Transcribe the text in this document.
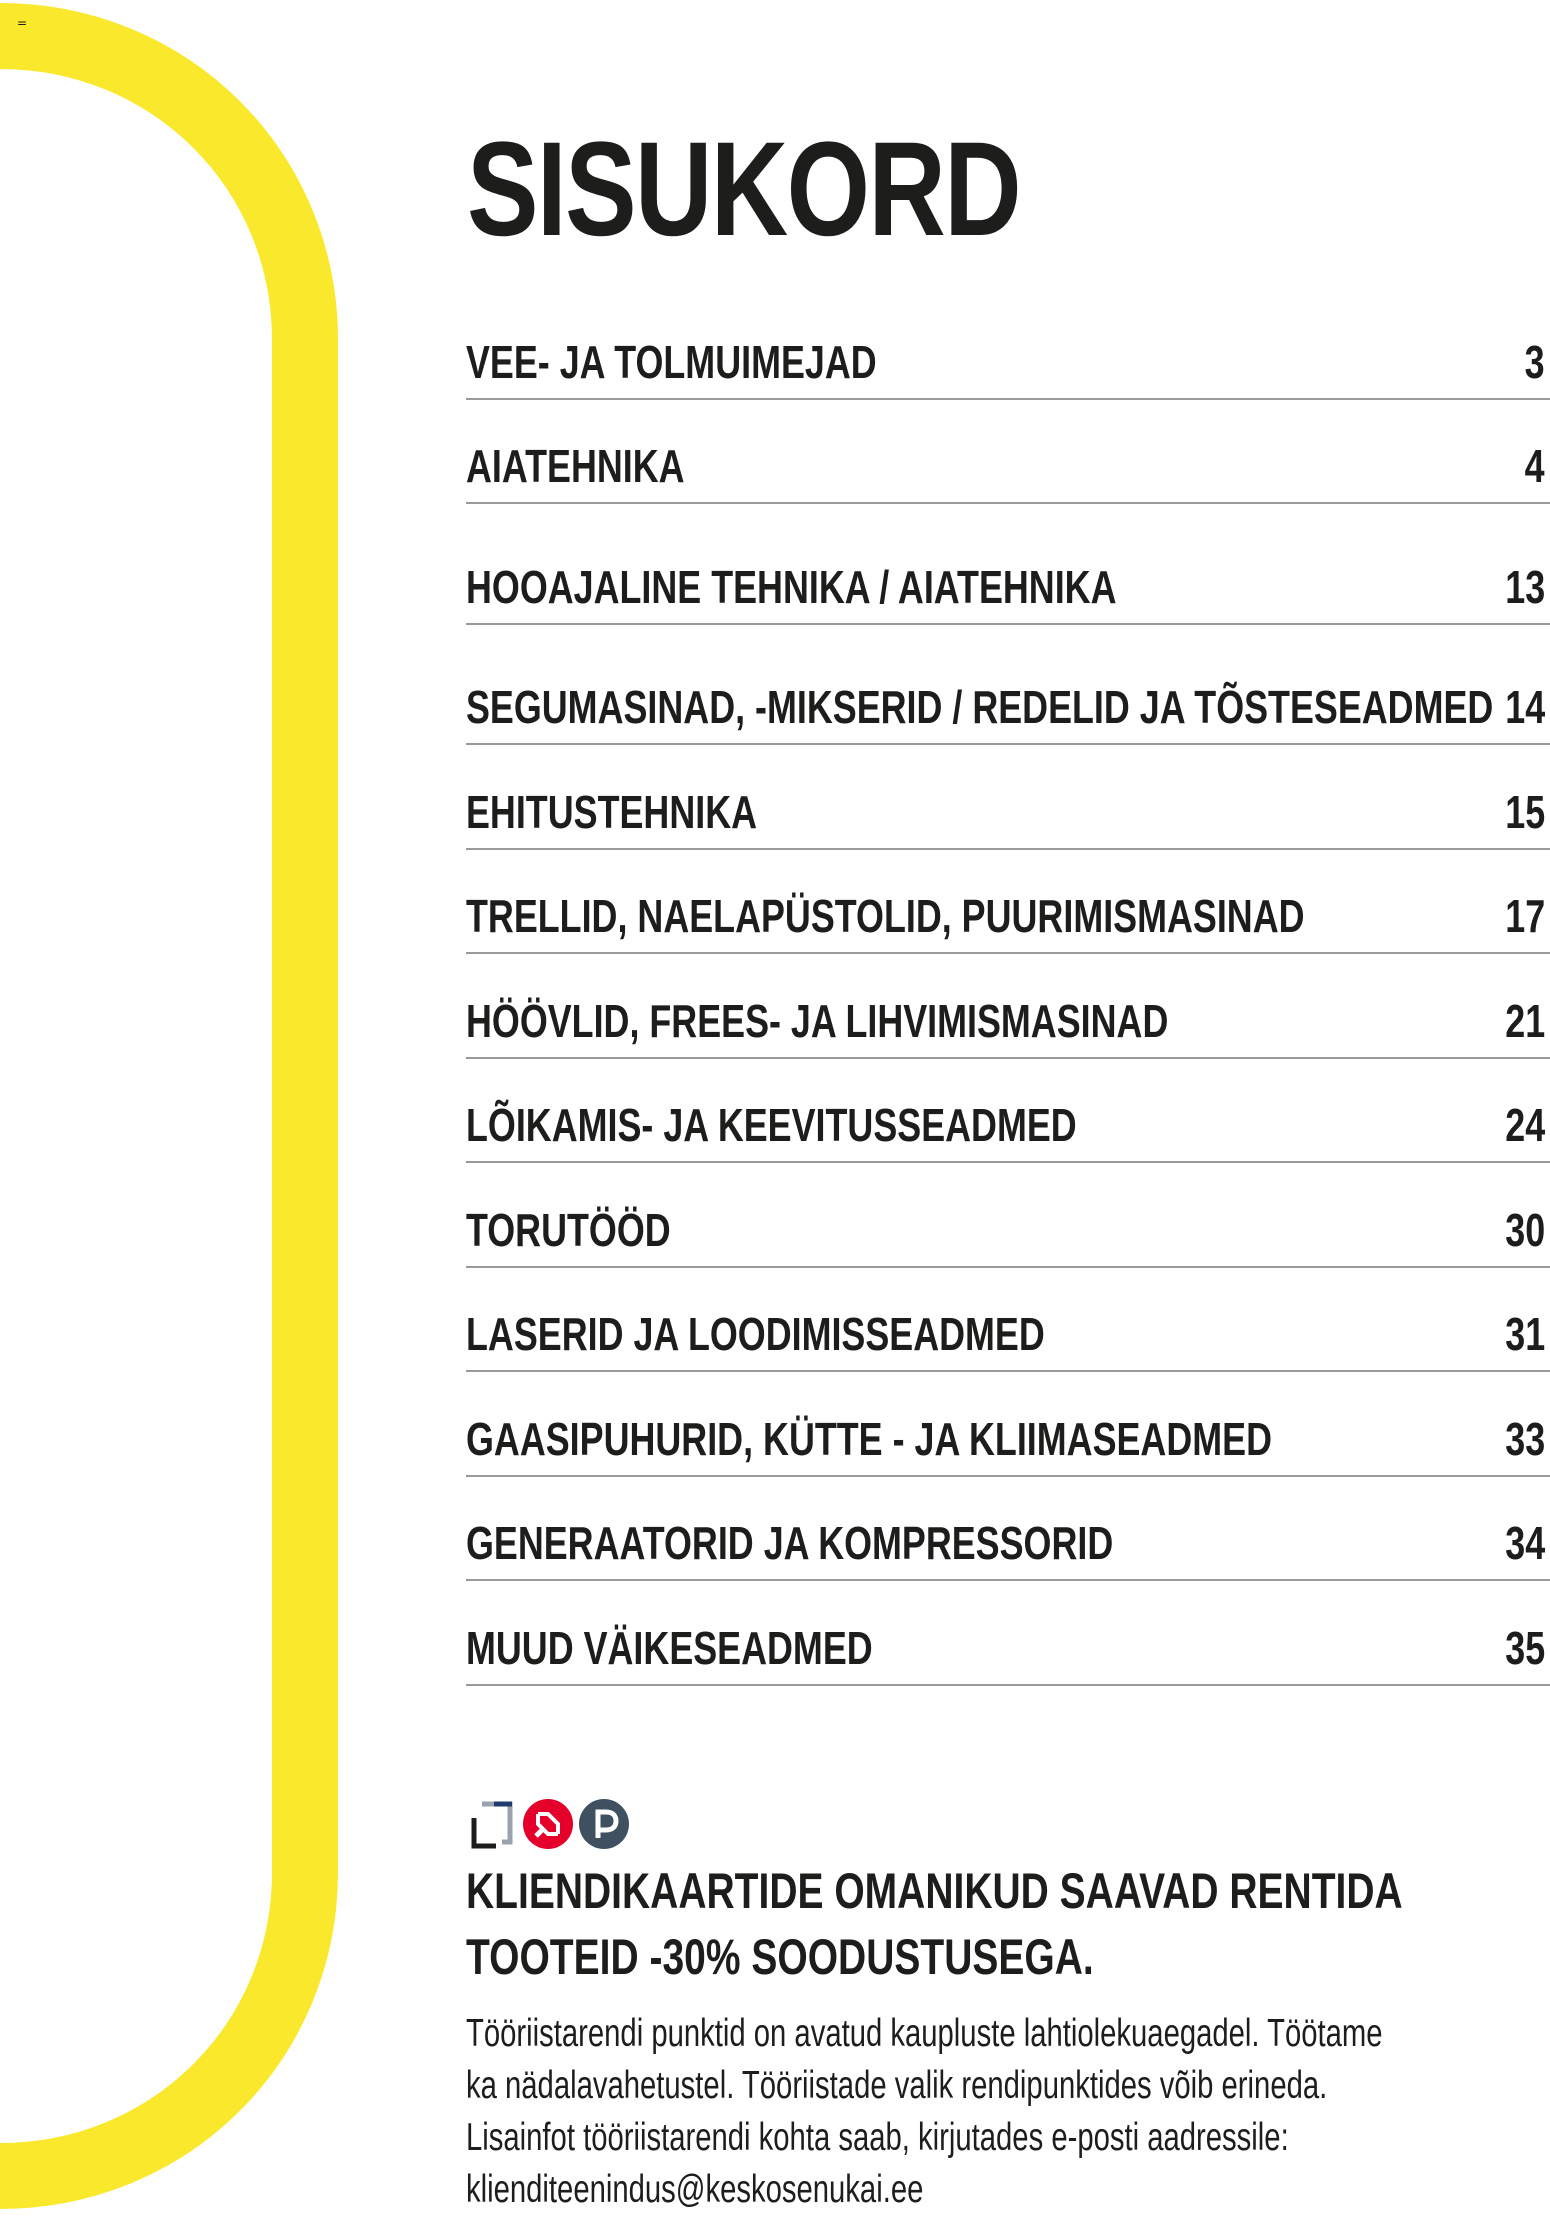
=
SISUKORD
VEE- JA TOLMUIMEJAD	3
AIATEHNIKA	4
HOOAJALINE TEHNIKA / AIATEHNIKA	13
SEGUMASINAD, -MIKSERID / REDELID JA TÕSTESEADMED 14
EHITUSTEHNIKA	15
TRELLID, NAELAPÜSTOLID, PUURIMISMASINAD	17
HÖÖVLID, FREES- JA LIHVIMISMASINAD	21
LÕIKAMIS- JA KEEVITUSSEADMED	24
TORUTÖÖD	30
LASERID JA LOODIMISSEADMED	31
GAASIPUHURID, KÜTTE - JA KLIIMASEADMED	33
GENERAATORID JA KOMPRESSORID	34
MUUD VÄIKESEADMED	35

KLIENDIKAARTIDE OMANIKUD SAAVAD RENTIDA
TOOTEID -30% SOODUSTUSEGA.

Tööriistarendi punktid on avatud kaupluste lahtiolekuaegadel. Töötame
ka nädalavahetustel. Tööriistade valik rendipunktides võib erineda.
Lisainfot tööriistarendi kohta saab, kirjutades e-posti aadressile:
klienditeenindus@keskosenukai.ee
